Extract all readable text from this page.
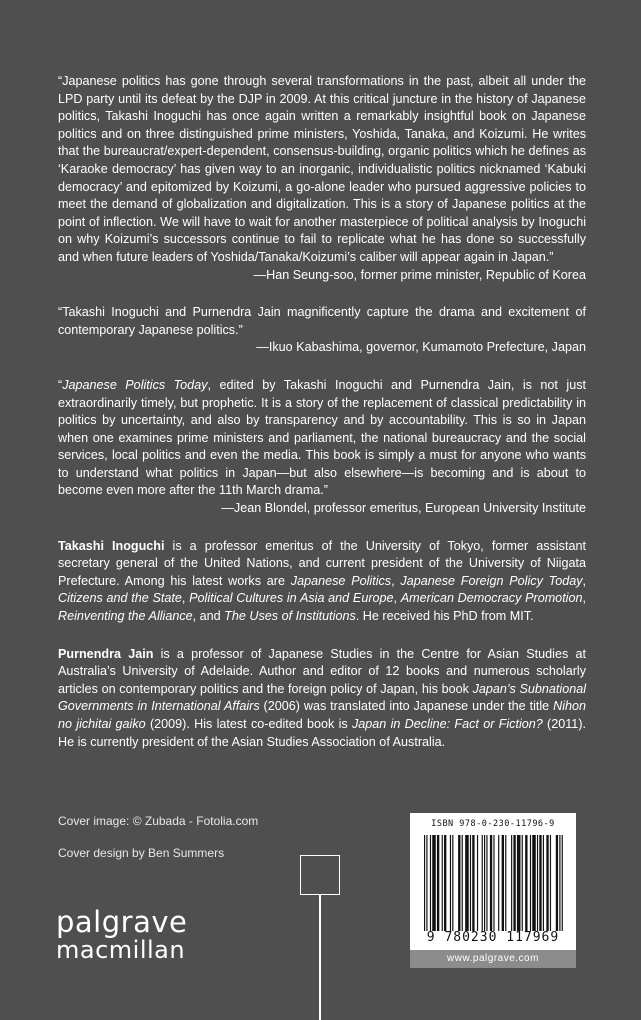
“Japanese politics has gone through several transformations in the past, albeit all under the LPD party until its defeat by the DJP in 2009. At this critical juncture in the history of Japanese politics, Takashi Inoguchi has once again written a remarkably insightful book on Japanese politics and on three distinguished prime ministers, Yoshida, Tanaka, and Koizumi. He writes that the bureaucrat/expert-dependent, consensus-building, organic politics which he defines as ‘Karaoke democracy’ has given way to an inorganic, individualistic politics nicknamed ‘Kabuki democracy’ and epitomized by Koizumi, a go-alone leader who pursued aggressive policies to meet the demand of globalization and digitalization. This is a story of Japanese politics at the point of inflection. We will have to wait for another masterpiece of political analysis by Inoguchi on why Koizumi’s successors continue to fail to replicate what he has done so successfully and when future leaders of Yoshida/Tanaka/Koizumi’s caliber will appear again in Japan.”

—Han Seung-soo, former prime minister, Republic of Korea

“Takashi Inoguchi and Purnendra Jain magnificently capture the drama and excitement of contemporary Japanese politics.”

—Ikuo Kabashima, governor, Kumamoto Prefecture, Japan

“Japanese Politics Today, edited by Takashi Inoguchi and Purnendra Jain, is not just extraordinarily timely, but prophetic. It is a story of the replacement of classical predictability in politics by uncertainty, and also by transparency and by accountability. This is so in Japan when one examines prime ministers and parliament, the national bureaucracy and the social services, local politics and even the media. This book is simply a must for anyone who wants to understand what politics in Japan—but also elsewhere—is becoming and is about to become even more after the 11th March drama.”

—Jean Blondel, professor emeritus, European University Institute

Takashi Inoguchi is a professor emeritus of the University of Tokyo, former assistant secretary general of the United Nations, and current president of the University of Niigata Prefecture. Among his latest works are Japanese Politics, Japanese Foreign Policy Today, Citizens and the State, Political Cultures in Asia and Europe, American Democracy Promotion, Reinventing the Alliance, and The Uses of Institutions. He received his PhD from MIT.

Purnendra Jain is a professor of Japanese Studies in the Centre for Asian Studies at Australia’s University of Adelaide. Author and editor of 12 books and numerous scholarly articles on contemporary politics and the foreign policy of Japan, his book Japan’s Subnational Governments in International Affairs (2006) was translated into Japanese under the title Nihon no jichitai gaiko (2009). His latest co-edited book is Japan in Decline: Fact or Fiction? (2011). He is currently president of the Asian Studies Association of Australia.

Cover image: © Zubada - Fotolia.com
Cover design by Ben Summers
palgrave
macmillan
ISBN 978-0-230-11796-9
9 780230 117969
www.palgrave.com
